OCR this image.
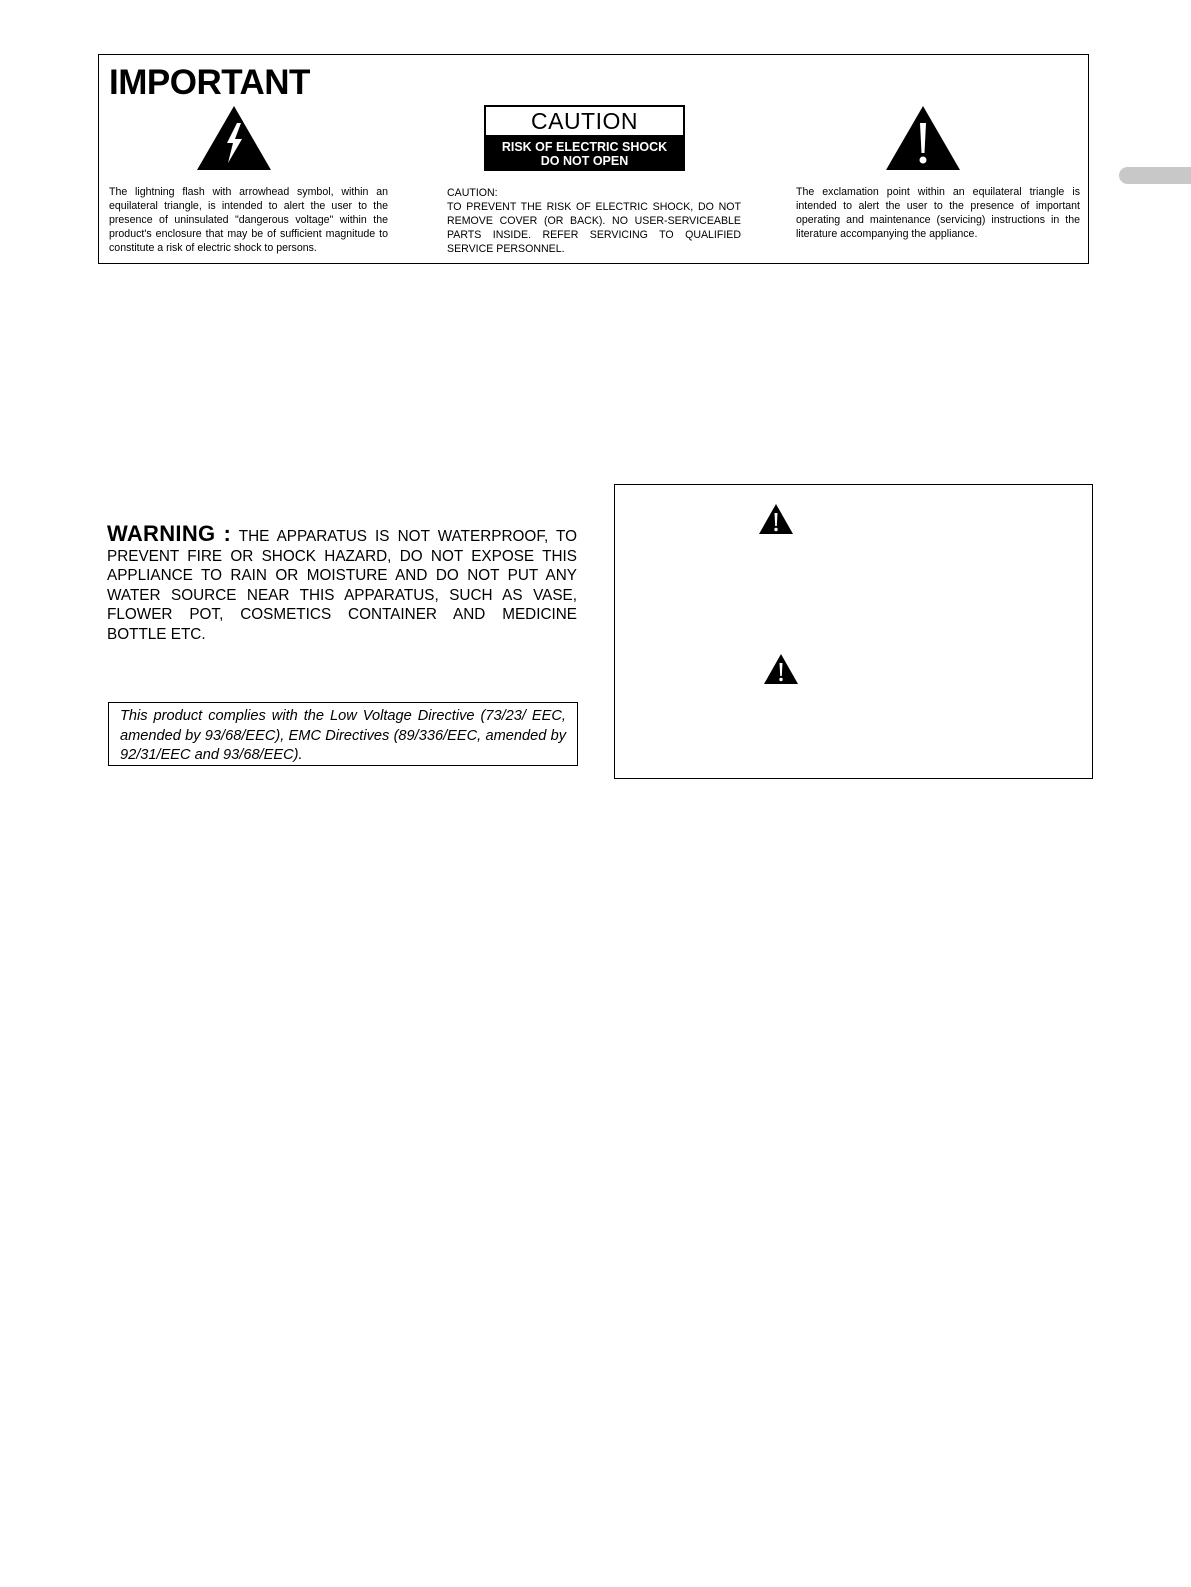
IMPORTANT
CAUTION
RISK OF ELECTRIC SHOCK
DO NOT OPEN
The lightning flash with arrowhead symbol, within an equilateral triangle, is intended to alert the user to the presence of uninsulated "dangerous voltage" within the product's enclosure that may be of sufficient magnitude to constitute a risk of electric shock to persons.
CAUTION:
TO PREVENT THE RISK OF ELECTRIC SHOCK, DO NOT REMOVE COVER (OR BACK). NO USER-SERVICEABLE PARTS INSIDE. REFER SERVICING TO QUALIFIED SERVICE PERSONNEL.
The exclamation point within an equilateral triangle is intended to alert the user to the presence of important operating and maintenance (servicing) instructions in the literature accompanying the appliance.
WARNING : THE APPARATUS IS NOT WATERPROOF, TO PREVENT FIRE OR SHOCK HAZARD, DO NOT EXPOSE THIS APPLIANCE TO RAIN OR MOISTURE AND DO NOT PUT ANY WATER SOURCE NEAR THIS APPARATUS, SUCH AS VASE, FLOWER POT, COSMETICS CONTAINER AND MEDICINE BOTTLE ETC.
This product complies with the Low Voltage Directive (73/23/ EEC, amended by 93/68/EEC), EMC Directives (89/336/EEC, amended by 92/31/EEC and 93/68/EEC).
